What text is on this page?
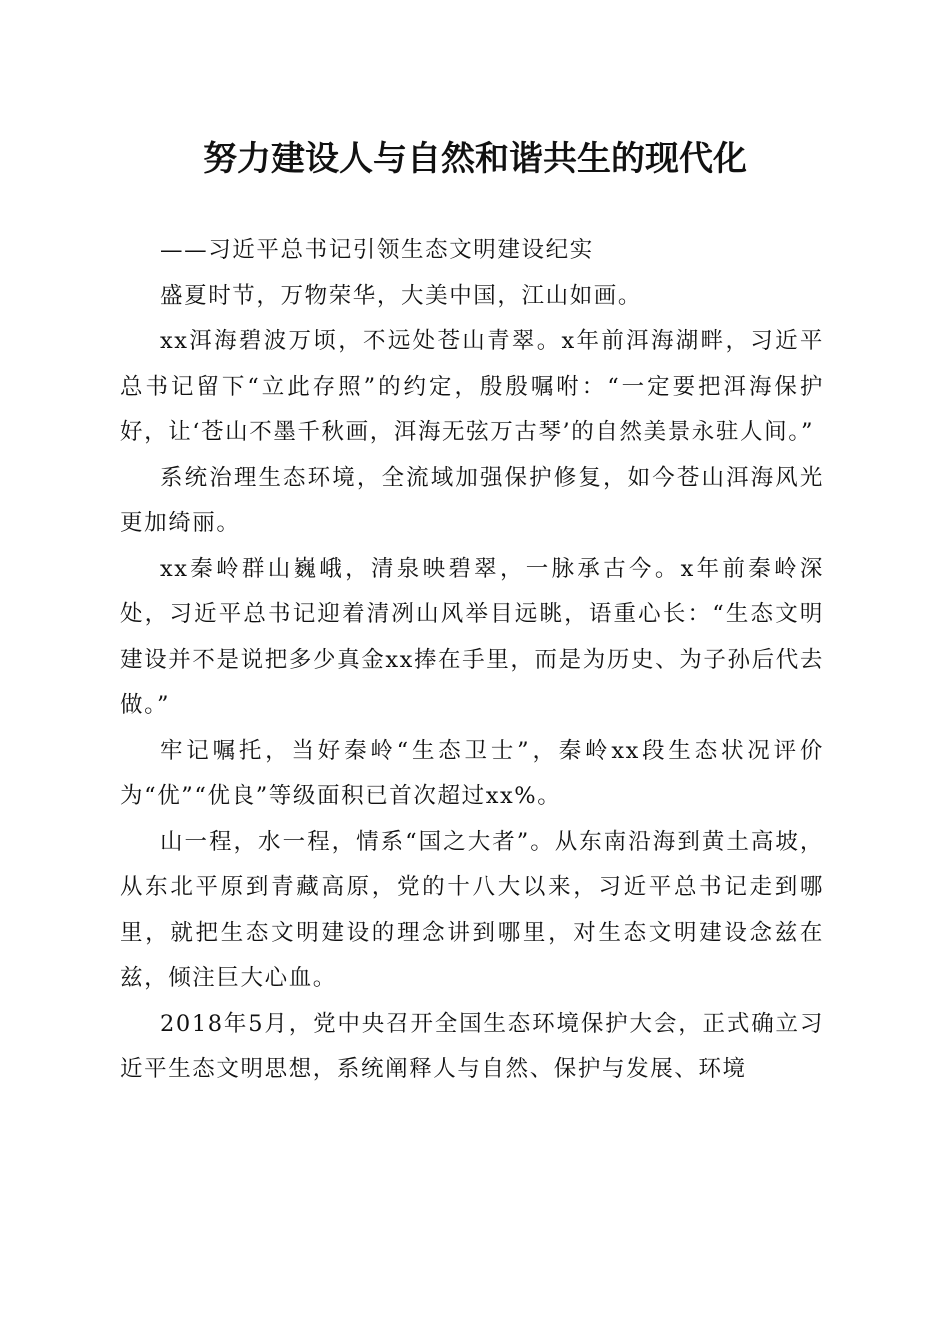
努力建设人与自然和谐共生的现代化

——习近平总书记引领生态文明建设纪实

盛夏时节，万物荣华，大美中国，江山如画。

xx洱海碧波万顷，不远处苍山青翠。x年前洱海湖畔，习近平总书记留下“立此存照”的约定，殷殷嘱咐：“一定要把洱海保护好，让‘苍山不墨千秋画，洱海无弦万古琴’的自然美景永驻人间。”

系统治理生态环境，全流域加强保护修复，如今苍山洱海风光更加绮丽。

xx秦岭群山巍峨，清泉映碧翠，一脉承古今。x年前秦岭深处，习近平总书记迎着清冽山风举目远眺，语重心长：“生态文明建设并不是说把多少真金xx捧在手里，而是为历史、为子孙后代去做。”

牢记嘱托，当好秦岭“生态卫士”，秦岭xx段生态状况评价为“优”“优良”等级面积已首次超过xx%。

山一程，水一程，情系“国之大者”。从东南沿海到黄土高坡，从东北平原到青藏高原，党的十八大以来，习近平总书记走到哪里，就把生态文明建设的理念讲到哪里，对生态文明建设念兹在兹，倾注巨大心血。

2018年5月，党中央召开全国生态环境保护大会，正式确立习近平生态文明思想，系统阐释人与自然、保护与发展、环境
